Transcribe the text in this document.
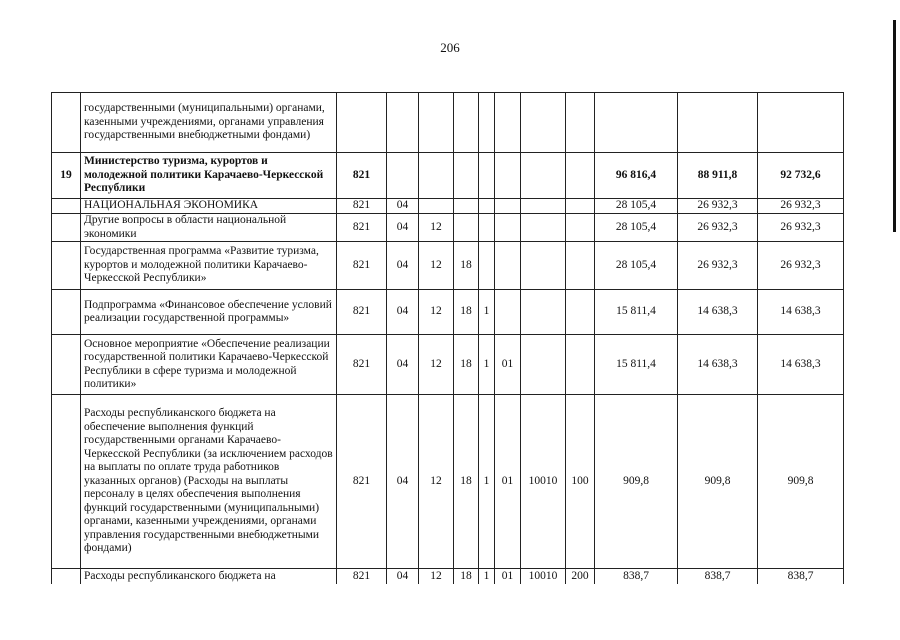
206
	государственными (муниципальными) органами, казенными учреждениями, органами управления государственными внебюджетными фондами)											
19	Министерство туризма, курортов и молодежной политики Карачаево-Черкесской Республики	821								96 816,4	88 911,8	92 732,6
	НАЦИОНАЛЬНАЯ ЭКОНОМИКА	821	04							28 105,4	26 932,3	26 932,3
	Другие вопросы в области национальной экономики	821	04	12						28 105,4	26 932,3	26 932,3
	Государственная программа «Развитие туризма, курортов и молодежной политики Карачаево-Черкесской Республики»	821	04	12	18					28 105,4	26 932,3	26 932,3
	Подпрограмма «Финансовое обеспечение условий реализации государственной программы»	821	04	12	18	1				15 811,4	14 638,3	14 638,3
	Основное мероприятие «Обеспечение реализации государственной политики Карачаево-Черкесской Республики в сфере туризма и молодежной политики»	821	04	12	18	1	01			15 811,4	14 638,3	14 638,3
	Расходы республиканского бюджета на обеспечение выполнения функций государственными органами Карачаево-Черкесской Республики (за исключением расходов на выплаты по оплате труда работников указанных органов) (Расходы на выплаты персоналу в целях обеспечения выполнения функций государственными (муниципальными) органами, казенными учреждениями, органами управления государственными внебюджетными фондами)	821	04	12	18	1	01	10010	100	909,8	909,8	909,8
	Расходы республиканского бюджета на	821	04	12	18	1	01	10010	200	838,7	838,7	838,7
